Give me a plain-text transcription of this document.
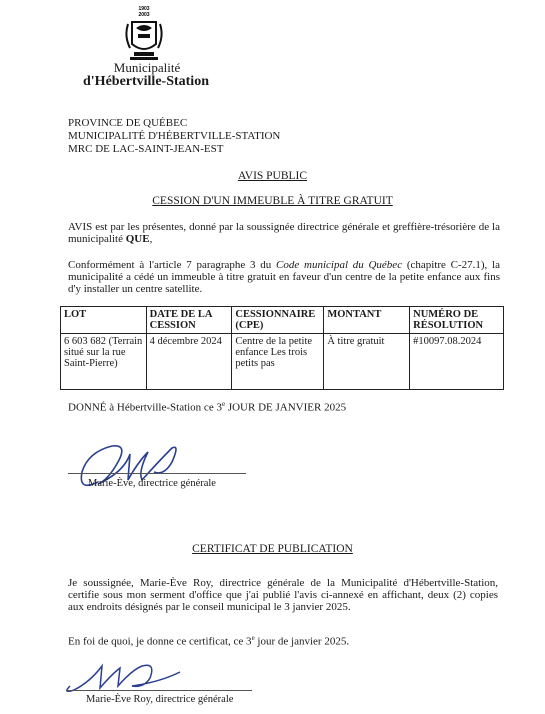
1903
2003
Municipalité
d'Hébertville-Station
PROVINCE DE QUÉBEC
MUNICIPALITÉ D'HÉBERTVILLE-STATION
MRC DE LAC-SAINT-JEAN-EST
AVIS PUBLIC
CESSION D'UN IMMEUBLE À TITRE GRATUIT

AVIS est par les présentes, donné par la soussignée directrice générale et greffière-trésorière de la municipalité QUE,

Conformément à l'article 7 paragraphe 3 du Code municipal du Québec (chapitre C-27.1), la municipalité a cédé un immeuble à titre gratuit en faveur d'un centre de la petite enfance aux fins d'y installer un centre satellite.

LOT	DATE DE LA CESSION	CESSIONNAIRE (CPE)	MONTANT	NUMÉRO DE RÉSOLUTION
6 603 682 (Terrain situé sur la rue Saint-Pierre)	4 décembre 2024	Centre de la petite enfance Les trois petits pas	À titre gratuit	#10097.08.2024
DONNÉ à Hébertville-Station ce 3e JOUR DE JANVIER 2025
Marie-Ève, directrice générale
CERTIFICAT DE PUBLICATION

Je soussignée, Marie-Ève Roy, directrice générale de la Municipalité d'Hébertville-Station, certifie sous mon serment d'office que j'ai publié l'avis ci-annexé en affichant, deux (2) copies aux endroits désignés par le conseil municipal le 3 janvier 2025.

En foi de quoi, je donne ce certificat, ce 3e jour de janvier 2025.

Marie-Ève Roy, directrice générale
